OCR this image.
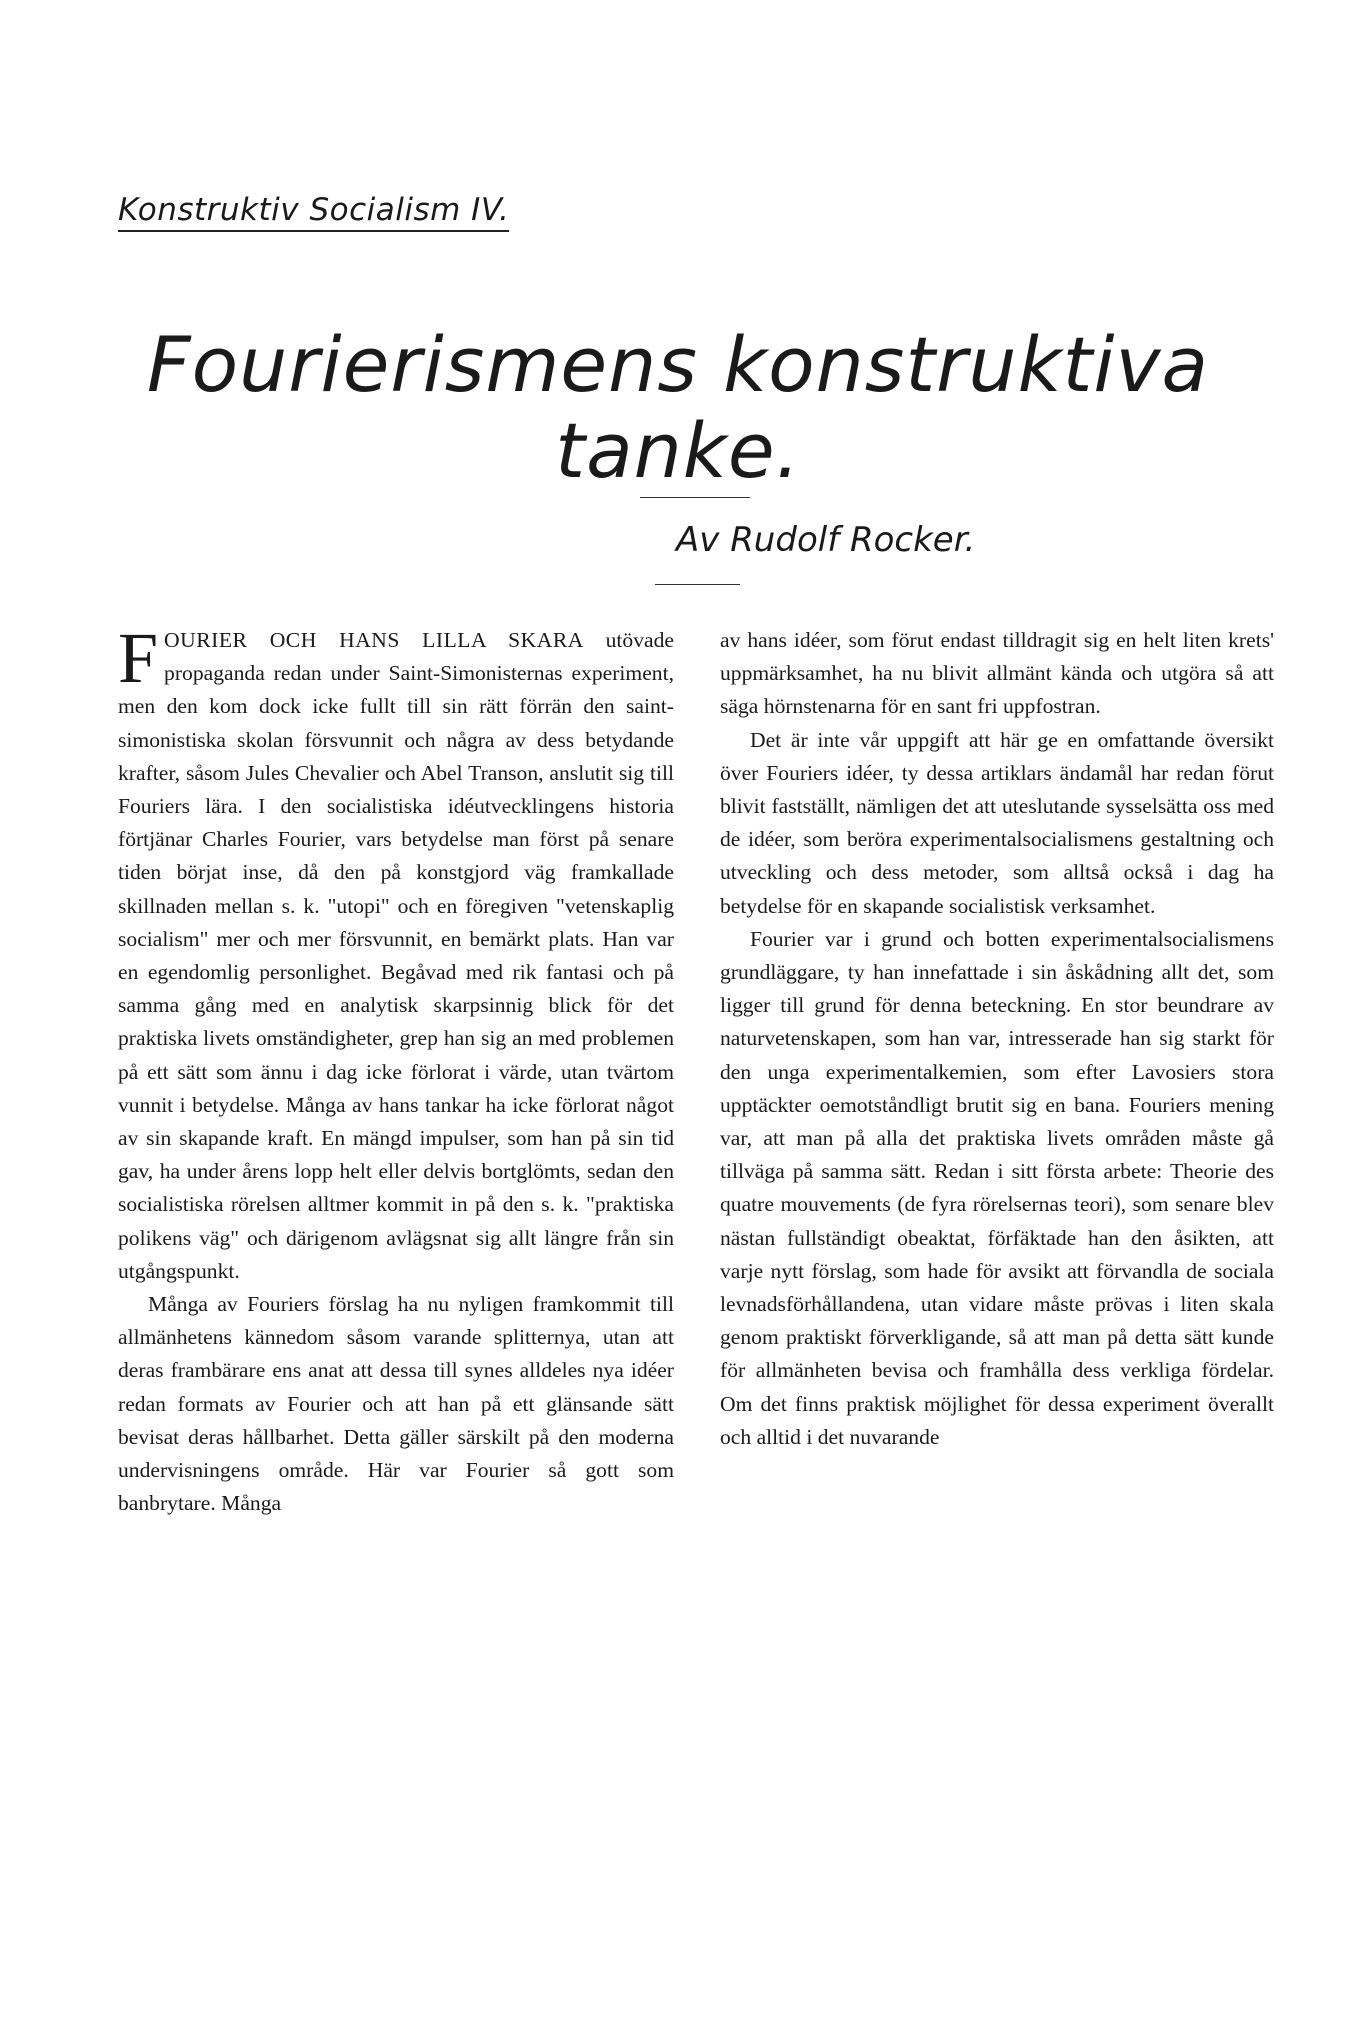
Konstruktiv Socialism IV.
Fourierismens konstruktiva
tanke.
Av Rudolf Rocker.

FOURIER OCH HANS LILLA SKARA utövade propaganda redan under Saint-Simonisternas experiment, men den kom dock icke fullt till sin rätt förrän den saint-simonistiska skolan försvunnit och några av dess betydande krafter, såsom Jules Chevalier och Abel Transon, anslutit sig till Fouriers lära. I den socialistiska idéutvecklingens historia förtjänar Charles Fourier, vars betydelse man först på senare tiden börjat inse, då den på konstgjord väg framkallade skillnaden mellan s. k. "utopi" och en föregiven "vetenskaplig socialism" mer och mer försvunnit, en bemärkt plats. Han var en egendomlig personlighet. Begåvad med rik fantasi och på samma gång med en analytisk skarpsinnig blick för det praktiska livets omständigheter, grep han sig an med problemen på ett sätt som ännu i dag icke förlorat i värde, utan tvärtom vunnit i betydelse. Många av hans tankar ha icke förlorat något av sin skapande kraft. En mängd impulser, som han på sin tid gav, ha under årens lopp helt eller delvis bortglömts, sedan den socialistiska rörelsen alltmer kommit in på den s. k. "praktiska polikens väg" och därigenom avlägsnat sig allt längre från sin utgångspunkt.

Många av Fouriers förslag ha nu nyligen framkommit till allmänhetens kännedom såsom varande splitternya, utan att deras frambärare ens anat att dessa till synes alldeles nya idéer redan formats av Fourier och att han på ett glänsande sätt bevisat deras hållbarhet. Detta gäller särskilt på den moderna undervisningens område. Här var Fourier så gott som banbrytare. Många

av hans idéer, som förut endast tilldragit sig en helt liten krets' uppmärksamhet, ha nu blivit allmänt kända och utgöra så att säga hörnstenarna för en sant fri uppfostran.

Det är inte vår uppgift att här ge en omfattande översikt över Fouriers idéer, ty dessa artiklars ändamål har redan förut blivit fastställt, nämligen det att uteslutande sysselsätta oss med de idéer, som beröra experimentalsocialismens gestaltning och utveckling och dess metoder, som alltså också i dag ha betydelse för en skapande socialistisk verksamhet.

Fourier var i grund och botten experimentalsocialismens grundläggare, ty han innefattade i sin åskådning allt det, som ligger till grund för denna beteckning. En stor beundrare av naturvetenskapen, som han var, intresserade han sig starkt för den unga experimentalkemien, som efter Lavosiers stora upptäckter oemotståndligt brutit sig en bana. Fouriers mening var, att man på alla det praktiska livets områden måste gå tillväga på samma sätt. Redan i sitt första arbete: Theorie des quatre mouvements (de fyra rörelsernas teori), som senare blev nästan fullständigt obeaktat, förfäktade han den åsikten, att varje nytt förslag, som hade för avsikt att förvandla de sociala levnadsförhållandena, utan vidare måste prövas i liten skala genom praktiskt förverkligande, så att man på detta sätt kunde för allmänheten bevisa och framhålla dess verkliga fördelar. Om det finns praktisk möjlighet för dessa experiment överallt och alltid i det nuvarande
